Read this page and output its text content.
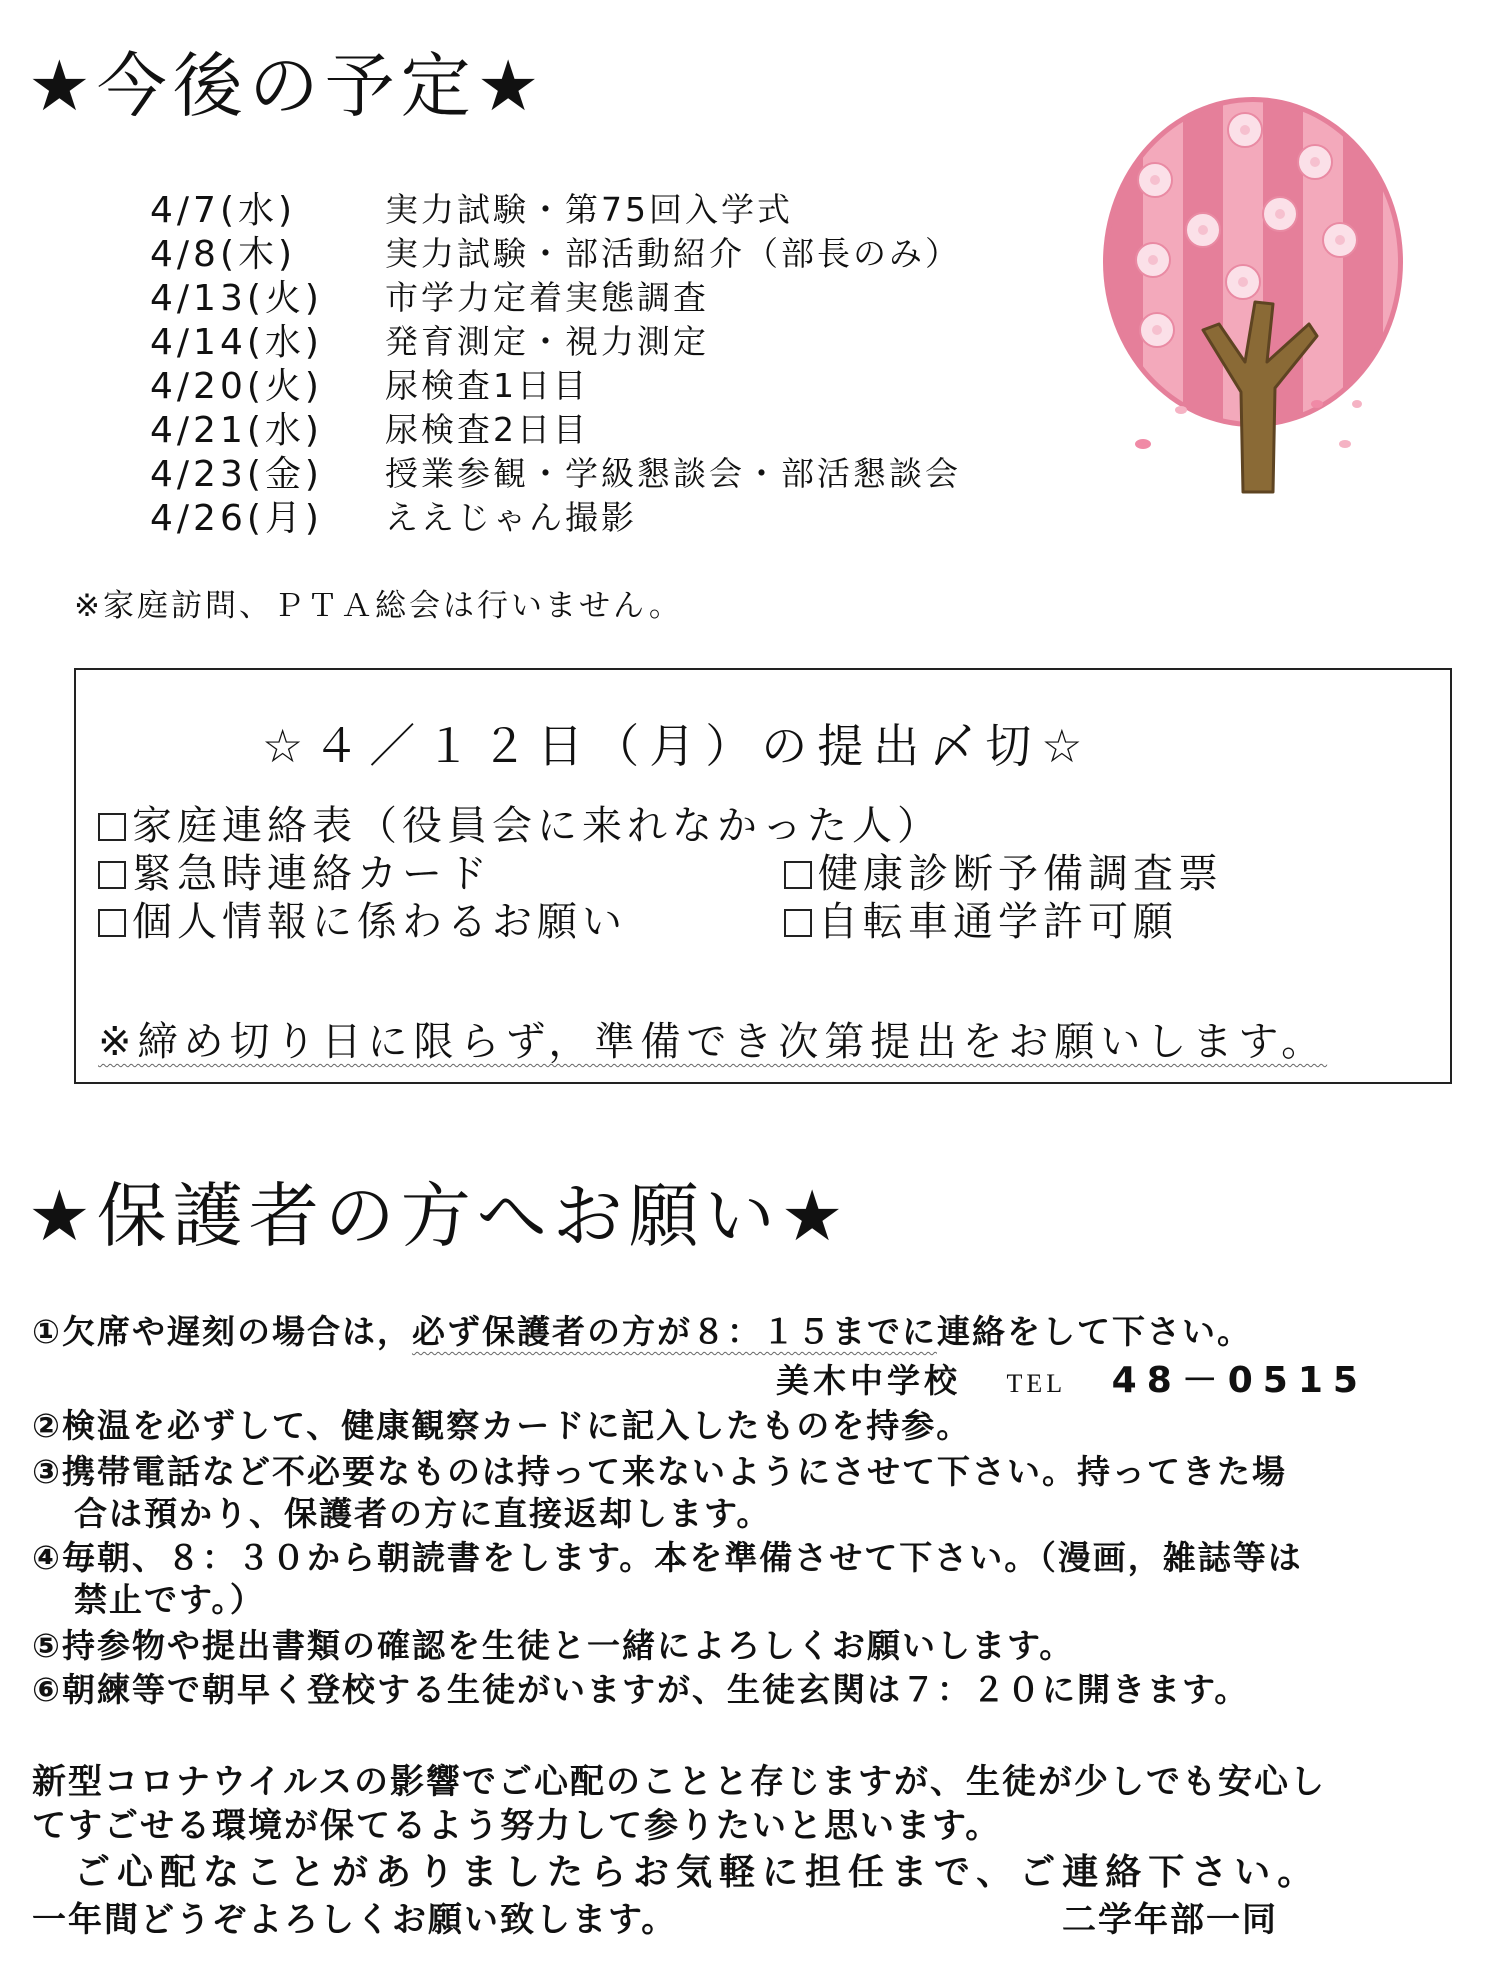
★今後の予定★
4/7(水)	実力試験・第75回入学式
4/8(木)	実力試験・部活動紹介（部長のみ）
4/13(火) 市学力定着実態調査
4/14(水) 発育測定・視力測定
4/20(火) 尿検査1日目
4/21(水) 尿検査2日目
4/23(金) 授業参観・学級懇談会・部活懇談会
4/26(月) ええじゃん撮影
※家庭訪問、ＰＴＡ総会は行いません。
☆４／１２日（月）の提出〆切☆
家庭連絡表（役員会に来れなかった人）
緊急時連絡カード	健康診断予備調査票
個人情報に係わるお願い	自転車通学許可願
※締め切り日に限らず，準備でき次第提出をお願いします。
★保護者の方へお願い★
①欠席や遅刻の場合は，必ず保護者の方が８：１５までに連絡をして下さい。
美木中学校 TEL 48－0515
②検温を必ずして、健康観察カードに記入したものを持参。
③携帯電話など不必要なものは持って来ないようにさせて下さい。持ってきた場
合は預かり、保護者の方に直接返却します。
④毎朝、８：３０から朝読書をします。本を準備させて下さい。（漫画，雑誌等は
禁止です。）
⑤持参物や提出書類の確認を生徒と一緒によろしくお願いします。
⑥朝練等で朝早く登校する生徒がいますが、生徒玄関は７：２０に開きます。
新型コロナウイルスの影響でご心配のことと存じますが、生徒が少しでも安心し
てすごせる環境が保てるよう努力して参りたいと思います。
ご心配なことがありましたらお気軽に担任まで、ご連絡下さい。
一年間どうぞよろしくお願い致します。	二学年部一同
